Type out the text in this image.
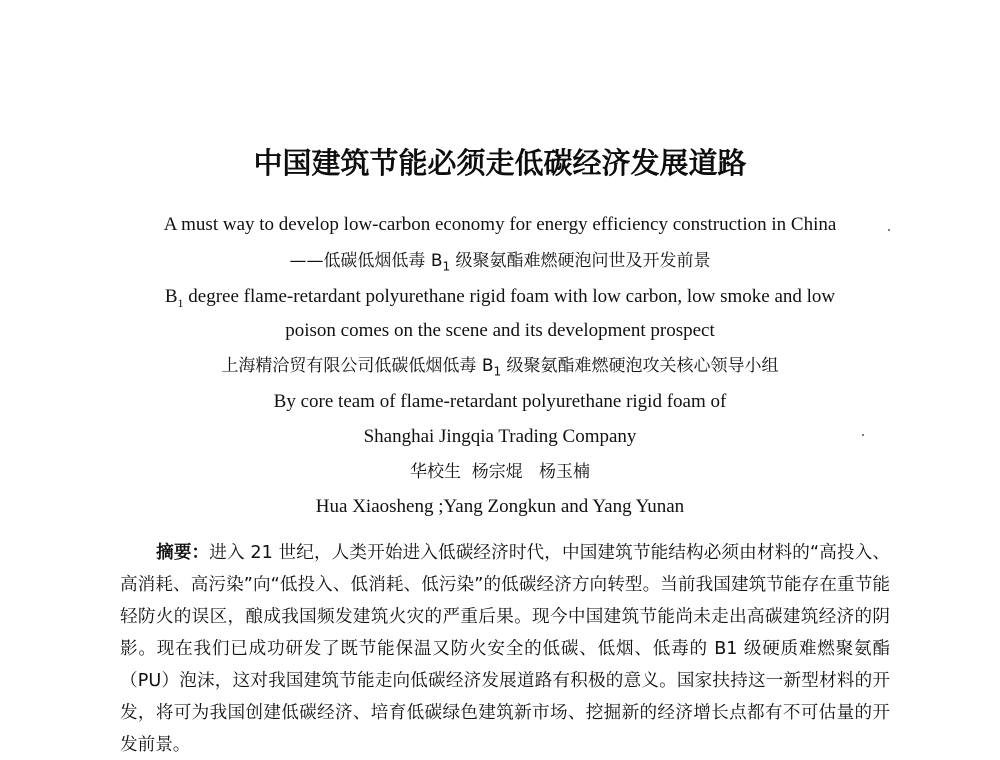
中国建筑节能必须走低碳经济发展道路
A must way to develop low-carbon economy for energy efficiency construction in China
——低碳低烟低毒 $B_1$ 级聚氨酯难燃硬泡问世及开发前景
$B_1$ degree flame-retardant polyurethane rigid foam with low carbon, low smoke and low
poison comes on the scene and its development prospect
上海精洽贸有限公司低碳低烟低毒 $B_1$ 级聚氨酯难燃硬泡攻关核心领导小组
By core team of flame-retardant polyurethane rigid foam of
Shanghai Jingqia Trading Company
华校生  杨宗焜   杨玉楠
Hua Xiaosheng ;Yang Zongkun and Yang Yunan
摘要：进入 21 世纪，人类开始进入低碳经济时代，中国建筑节能结构必须由材料的“高投入、高消耗、高污染”向“低投入、低消耗、低污染”的低碳经济方向转型。当前我国建筑节能存在重节能轻防火的误区，酿成我国频发建筑火灾的严重后果。现今中国建筑节能尚未走出高碳建筑经济的阴影。现在我们已成功研发了既节能保温又防火安全的低碳、低烟、低毒的 B1 级硬质难燃聚氨酯（PU）泡沫，这对我国建筑节能走向低碳经济发展道路有积极的意义。国家扶持这一新型材料的开发，将可为我国创建低碳经济、培育低碳绿色建筑新市场、挖掘新的经济增长点都有不可估量的开发前景。
